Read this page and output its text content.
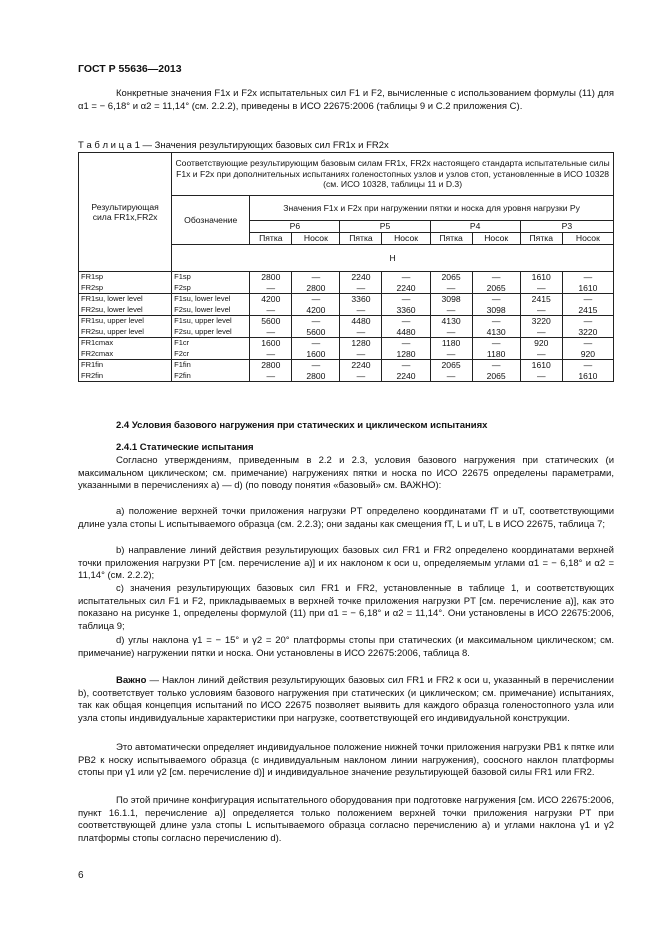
ГОСТ Р 55636—2013
Конкретные значения F1x и F2x испытательных сил F1 и F2, вычисленные с использованием формулы (11) для α1 = − 6,18° и α2 = 11,14° (см. 2.2.2), приведены в ИСО 22675:2006 (таблицы 9 и С.2 приложения С).
Т а б л и ц а 1 — Значения результирующих базовых сил FR1x и FR2x
Результирующая сила FR1x,FR2x	Соответствующие результирующим базовым силам FR1x, FR2x настоящего стандарта испытательные силы F1x и F2x при дополнительных испытаниях голеностопных узлов и узлов стоп, установленные в ИСО 10328 (см. ИСО 10328, таблицы 11 и D.3)								
	Обозначение	Значения F1x и F2x при нагружении пятки и носка для уровня нагрузки Py							
		P6		P5		P4		P3	
		Пятка	Носок	Пятка	Носок	Пятка	Носок	Пятка	Носок
	Н								
FR1sp	F1sp	2800	—	2240	—	2065	—	1610	—
FR2sp	F2sp	—	2800	—	2240	—	2065	—	1610
FR1su, lower level	F1su, lower level	4200	—	3360	—	3098	—	2415	—
FR2su, lower level	F2su, lower level	—	4200	—	3360	—	3098	—	2415
FR1su, upper level	F1su, upper level	5600	—	4480	—	4130	—	3220	—
FR2su, upper level	F2su, upper level	—	5600	—	4480	—	4130	—	3220
FR1cmax	F1cr	1600	—	1280	—	1180	—	920	—
FR2cmax	F2cr	—	1600	—	1280	—	1180	—	920
FR1fin	F1fin	2800	—	2240	—	2065	—	1610	—
FR2fin	F2fin	—	2800	—	2240	—	2065	—	1610
2.4 Условия базового нагружения при статических и циклическом испытаниях
2.4.1 Статические испытания
Согласно утверждениям, приведенным в 2.2 и 2.3, условия базового нагружения при статических (и максимальном циклическом; см. примечание) нагружениях пятки и носка по ИСО 22675 определены параметрами, указанными в перечислениях а) — d) (по поводу понятия «базовый» см. ВАЖНО):
а) положение верхней точки приложения нагрузки PT определено координатами fT и uT, соответствующими длине узла стопы L испытываемого образца (см. 2.2.3); они заданы как смещения fT, L и uT, L в ИСО 22675, таблица 7;
b) направление линий действия результирующих базовых сил FR1 и FR2 определено координатами верхней точки приложения нагрузки PT [см. перечисление а)] и их наклоном к оси u, определяемым углами α1 = − 6,18° и α2 = 11,14° (см. 2.2.2);
c) значения результирующих базовых сил FR1 и FR2, установленные в таблице 1, и соответствующих испытательных сил F1 и F2, прикладываемых в верхней точке приложения нагрузки PT [см. перечисление а)], как это показано на рисунке 1, определены формулой (11) при α1 = − 6,18° и α2 = 11,14°. Они установлены в ИСО 22675:2006, таблица 9;
d) углы наклона γ1 = − 15° и γ2 = 20° платформы стопы при статических (и максимальном циклическом; см. примечание) нагружении пятки и носка. Они установлены в ИСО 22675:2006, таблица 8.
Важно — Наклон линий действия результирующих базовых сил FR1 и FR2 к оси u, указанный в перечислении b), соответствует только условиям базового нагружения при статических (и циклическом; см. примечание) испытаниях, так как общая концепция испытаний по ИСО 22675 позволяет выявить для каждого образца голеностопного узла или узла стопы индивидуальные характеристики при нагрузке, соответствующей его индивидуальной конструкции.
Это автоматически определяет индивидуальное положение нижней точки приложения нагрузки PB1 к пятке или PB2 к носку испытываемого образца (с индивидуальным наклоном линии нагружения), соосного наклон платформы стопы при γ1 или γ2 [см. перечисление d)] и индивидуальное значение результирующей базовой силы FR1 или FR2.
По этой причине конфигурация испытательного оборудования при подготовке нагружения [см. ИСО 22675:2006, пункт 16.1.1, перечисление а)] определяется только положением верхней точки приложения нагрузки PT при соответствующей длине узла стопы L испытываемого образца согласно перечислению а) и углами наклона γ1 и γ2 платформы стопы согласно перечислению d).
6
